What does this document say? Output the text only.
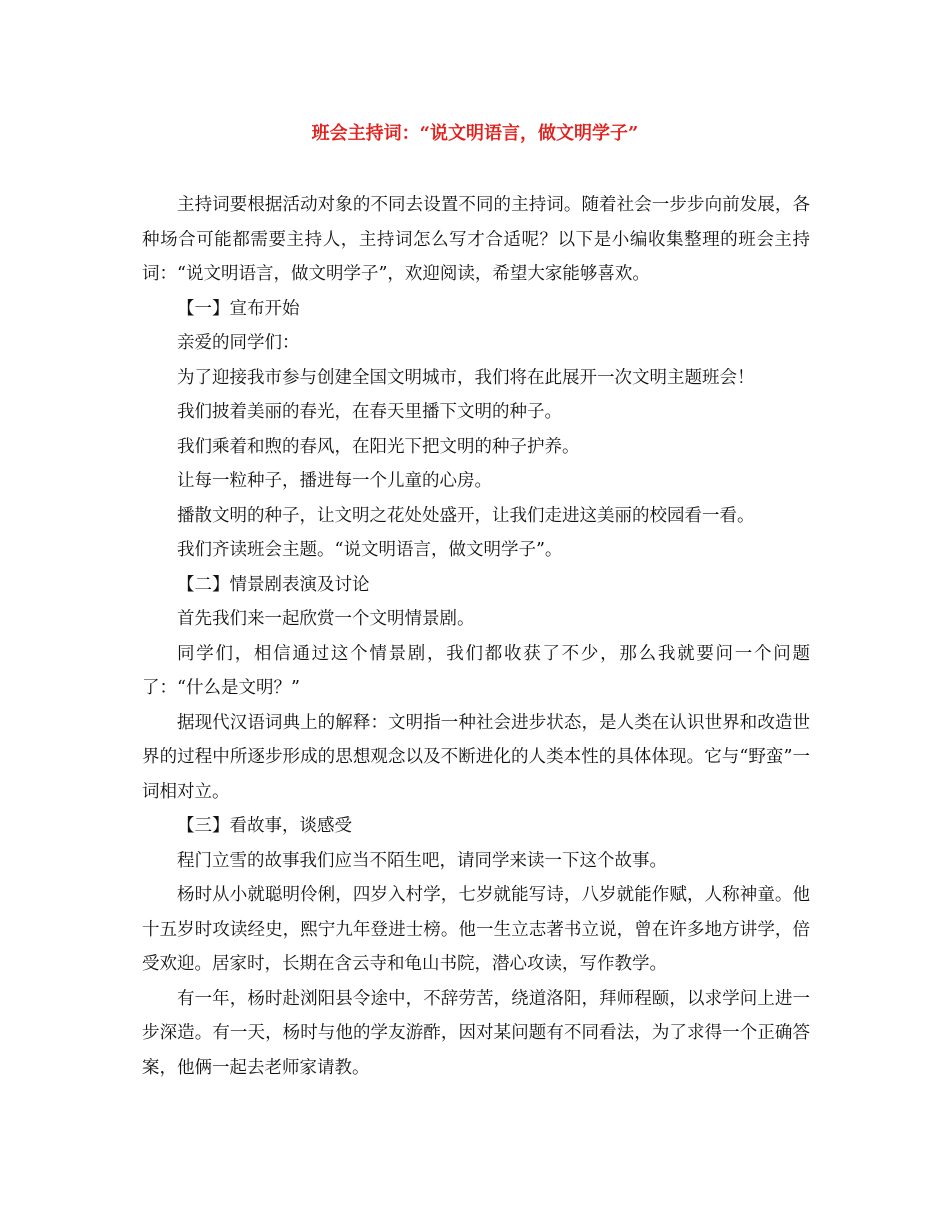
班会主持词：“说文明语言，做文明学子”

主持词要根据活动对象的不同去设置不同的主持词。随着社会一步步向前发展，各种场合可能都需要主持人，主持词怎么写才合适呢？以下是小编收集整理的班会主持词：“说文明语言，做文明学子”，欢迎阅读，希望大家能够喜欢。

【一】宣布开始

亲爱的同学们：

为了迎接我市参与创建全国文明城市，我们将在此展开一次文明主题班会！

我们披着美丽的春光，在春天里播下文明的种子。

我们乘着和煦的春风，在阳光下把文明的种子护养。

让每一粒种子，播进每一个儿童的心房。

播散文明的种子，让文明之花处处盛开，让我们走进这美丽的校园看一看。

我们齐读班会主题。“说文明语言，做文明学子”。

【二】情景剧表演及讨论

首先我们来一起欣赏一个文明情景剧。

同学们，相信通过这个情景剧，我们都收获了不少，那么我就要问一个问题了：“什么是文明？”

据现代汉语词典上的解释：文明指一种社会进步状态，是人类在认识世界和改造世界的过程中所逐步形成的思想观念以及不断进化的人类本性的具体体现。它与“野蛮”一词相对立。

【三】看故事，谈感受

程门立雪的故事我们应当不陌生吧，请同学来读一下这个故事。

杨时从小就聪明伶俐，四岁入村学，七岁就能写诗，八岁就能作赋，人称神童。他十五岁时攻读经史，熙宁九年登进士榜。他一生立志著书立说，曾在许多地方讲学，倍受欢迎。居家时，长期在含云寺和龟山书院，潜心攻读，写作教学。

有一年，杨时赴浏阳县令途中，不辞劳苦，绕道洛阳，拜师程颐，以求学问上进一步深造。有一天，杨时与他的学友游酢，因对某问题有不同看法，为了求得一个正确答案，他俩一起去老师家请教。
